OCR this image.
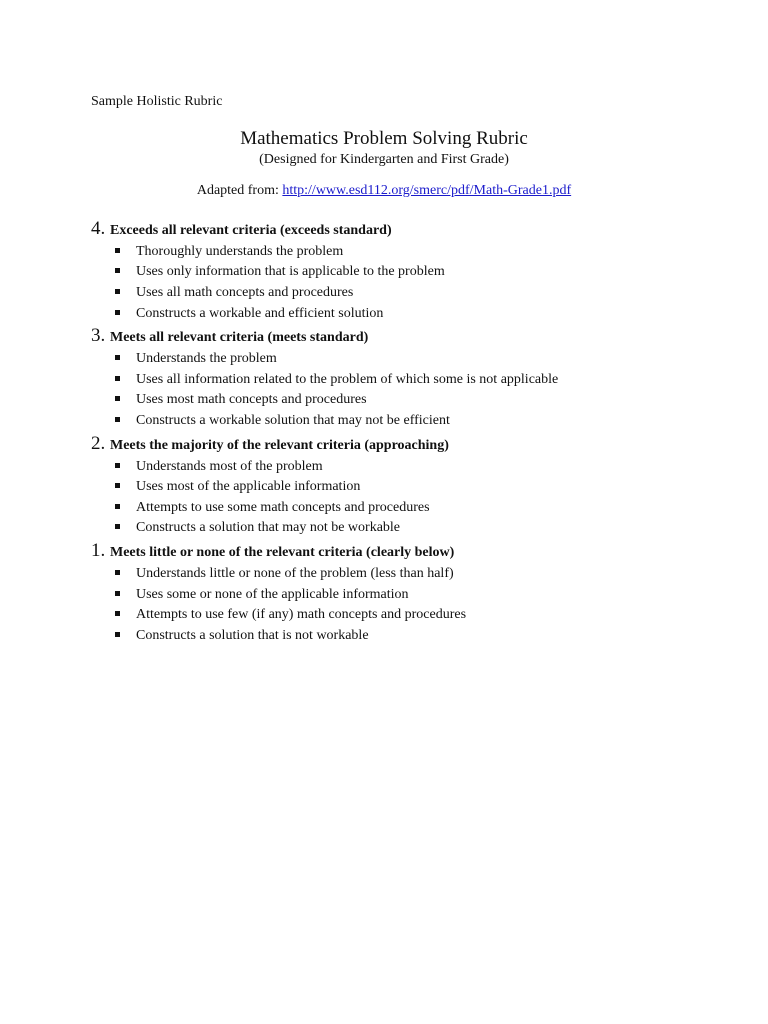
Sample Holistic Rubric
Mathematics Problem Solving Rubric
(Designed for Kindergarten and First Grade)
Adapted from: http://www.esd112.org/smerc/pdf/Math-Grade1.pdf
4. Exceeds all relevant criteria (exceeds standard)
Thoroughly understands the problem
Uses only information that is applicable to the problem
Uses all math concepts and procedures
Constructs a workable and efficient solution
3. Meets all relevant criteria (meets standard)
Understands the problem
Uses all information related to the problem of which some is not applicable
Uses most math concepts and procedures
Constructs a workable solution that may not be efficient
2. Meets the majority of the relevant criteria (approaching)
Understands most of the problem
Uses most of the applicable information
Attempts to use some math concepts and procedures
Constructs a solution that may not be workable
1. Meets little or none of the relevant criteria (clearly below)
Understands little or none of the problem (less than half)
Uses some or none of the applicable information
Attempts to use few (if any) math concepts and procedures
Constructs a solution that is not workable
